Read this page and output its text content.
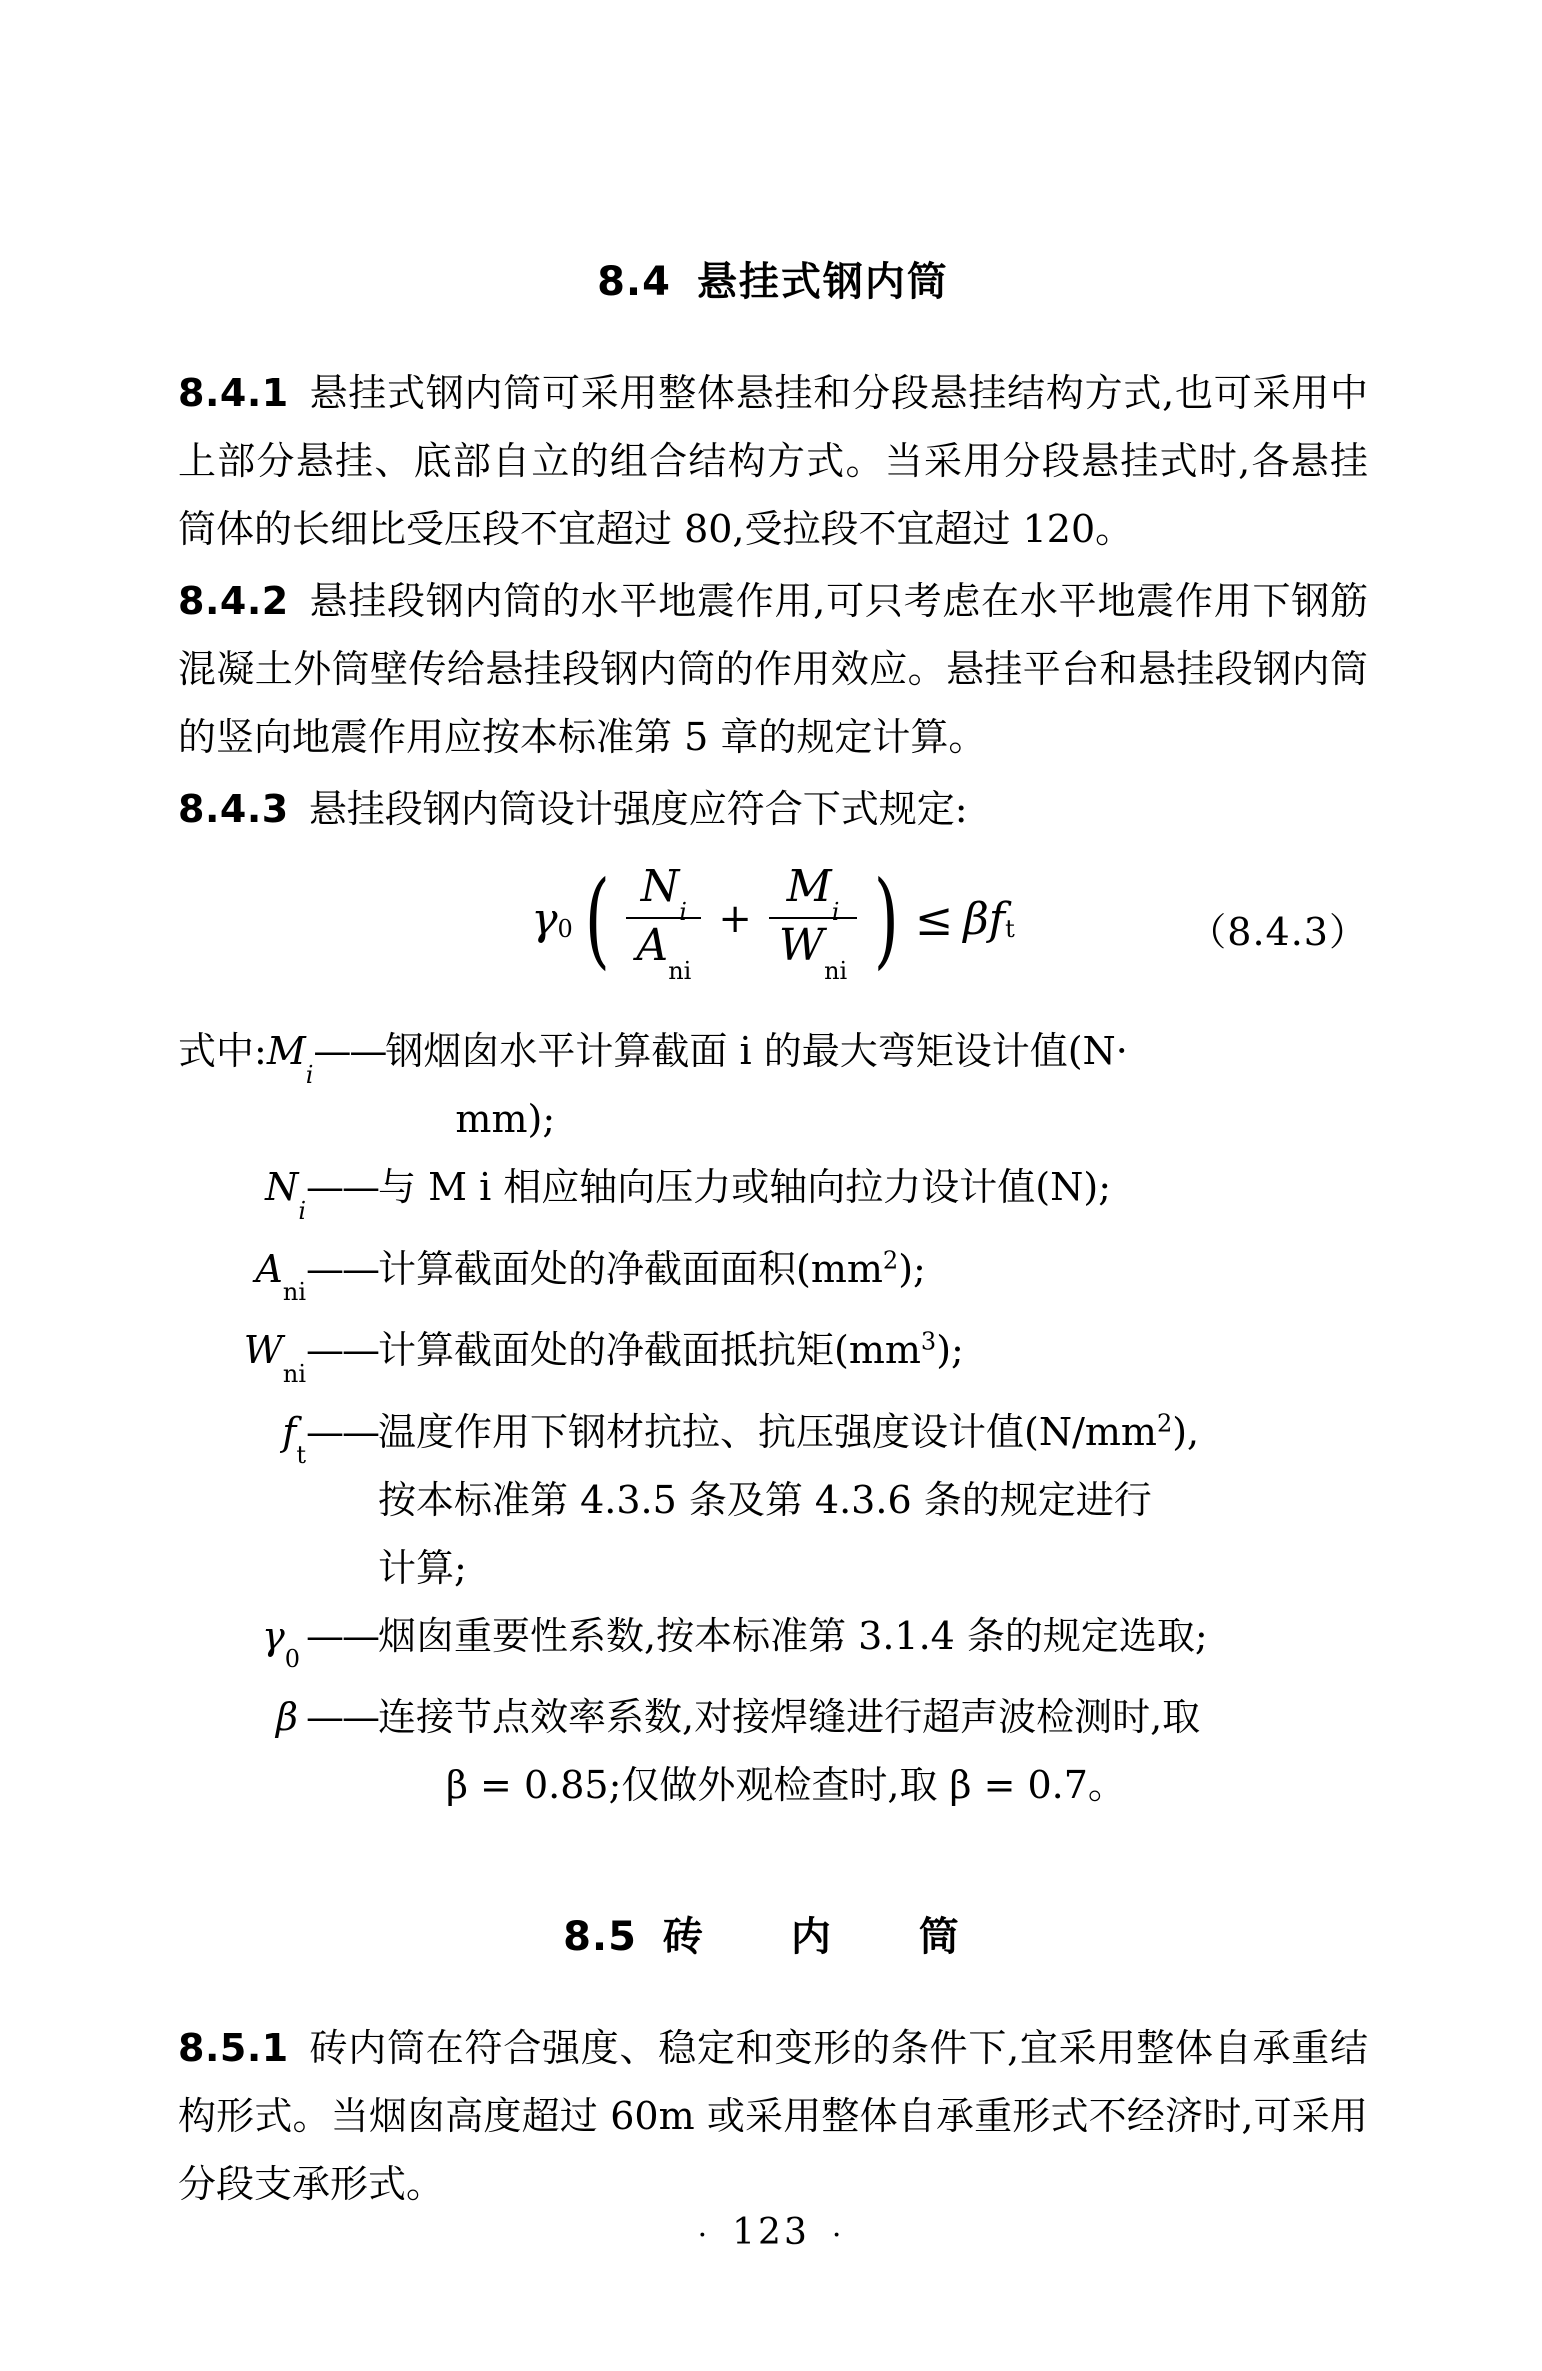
8.4 悬挂式钢内筒

8.4.1 悬挂式钢内筒可采用整体悬挂和分段悬挂结构方式,也可采用中上部分悬挂、底部自立的组合结构方式。当采用分段悬挂式时,各悬挂筒体的长细比受压段不宜超过 80,受拉段不宜超过 120。

8.4.2 悬挂段钢内筒的水平地震作用,可只考虑在水平地震作用下钢筋混凝土外筒壁传给悬挂段钢内筒的作用效应。悬挂平台和悬挂段钢内筒的竖向地震作用应按本标准第 5 章的规定计算。

8.4.3 悬挂段钢内筒设计强度应符合下式规定:

γ 0 ( $\frac{N_i}{A_{ni}} + \frac{M_i}{W_{ni}}$ ) ≤ β f t	（8.4.3）
式中$:M_i——$ 钢烟囱水平计算截面 i 的最大弯矩设计值(N·
mm);
$N_i——$ 与 M i 相应轴向压力或轴向拉力设计值(N);
$A_{ni}——$ 计算截面处的净截面面积$(mm^2)$;
$W_{ni}——$ 计算截面处的净截面抵抗矩$(mm^3)$;
$f_t——$ 温度作用下钢材抗拉、抗压强度设计值$(N/mm^2)$,
按本标准第 4.3.5 条及第 4.3.6 条的规定进行
计算;
$\gamma_0——$ 烟囱重要性系数,按本标准第 3.1.4 条的规定选取;
β —— 连接节点效率系数,对接焊缝进行超声波检测时,取
β = 0.85;仅做外观检查时,取 β = 0.7。
8.5 砖　内　筒

8.5.1 砖内筒在符合强度、稳定和变形的条件下,宜采用整体自承重结构形式。当烟囱高度超过 60m 或采用整体自承重形式不经济时,可采用分段支承形式。

· 123 ·
